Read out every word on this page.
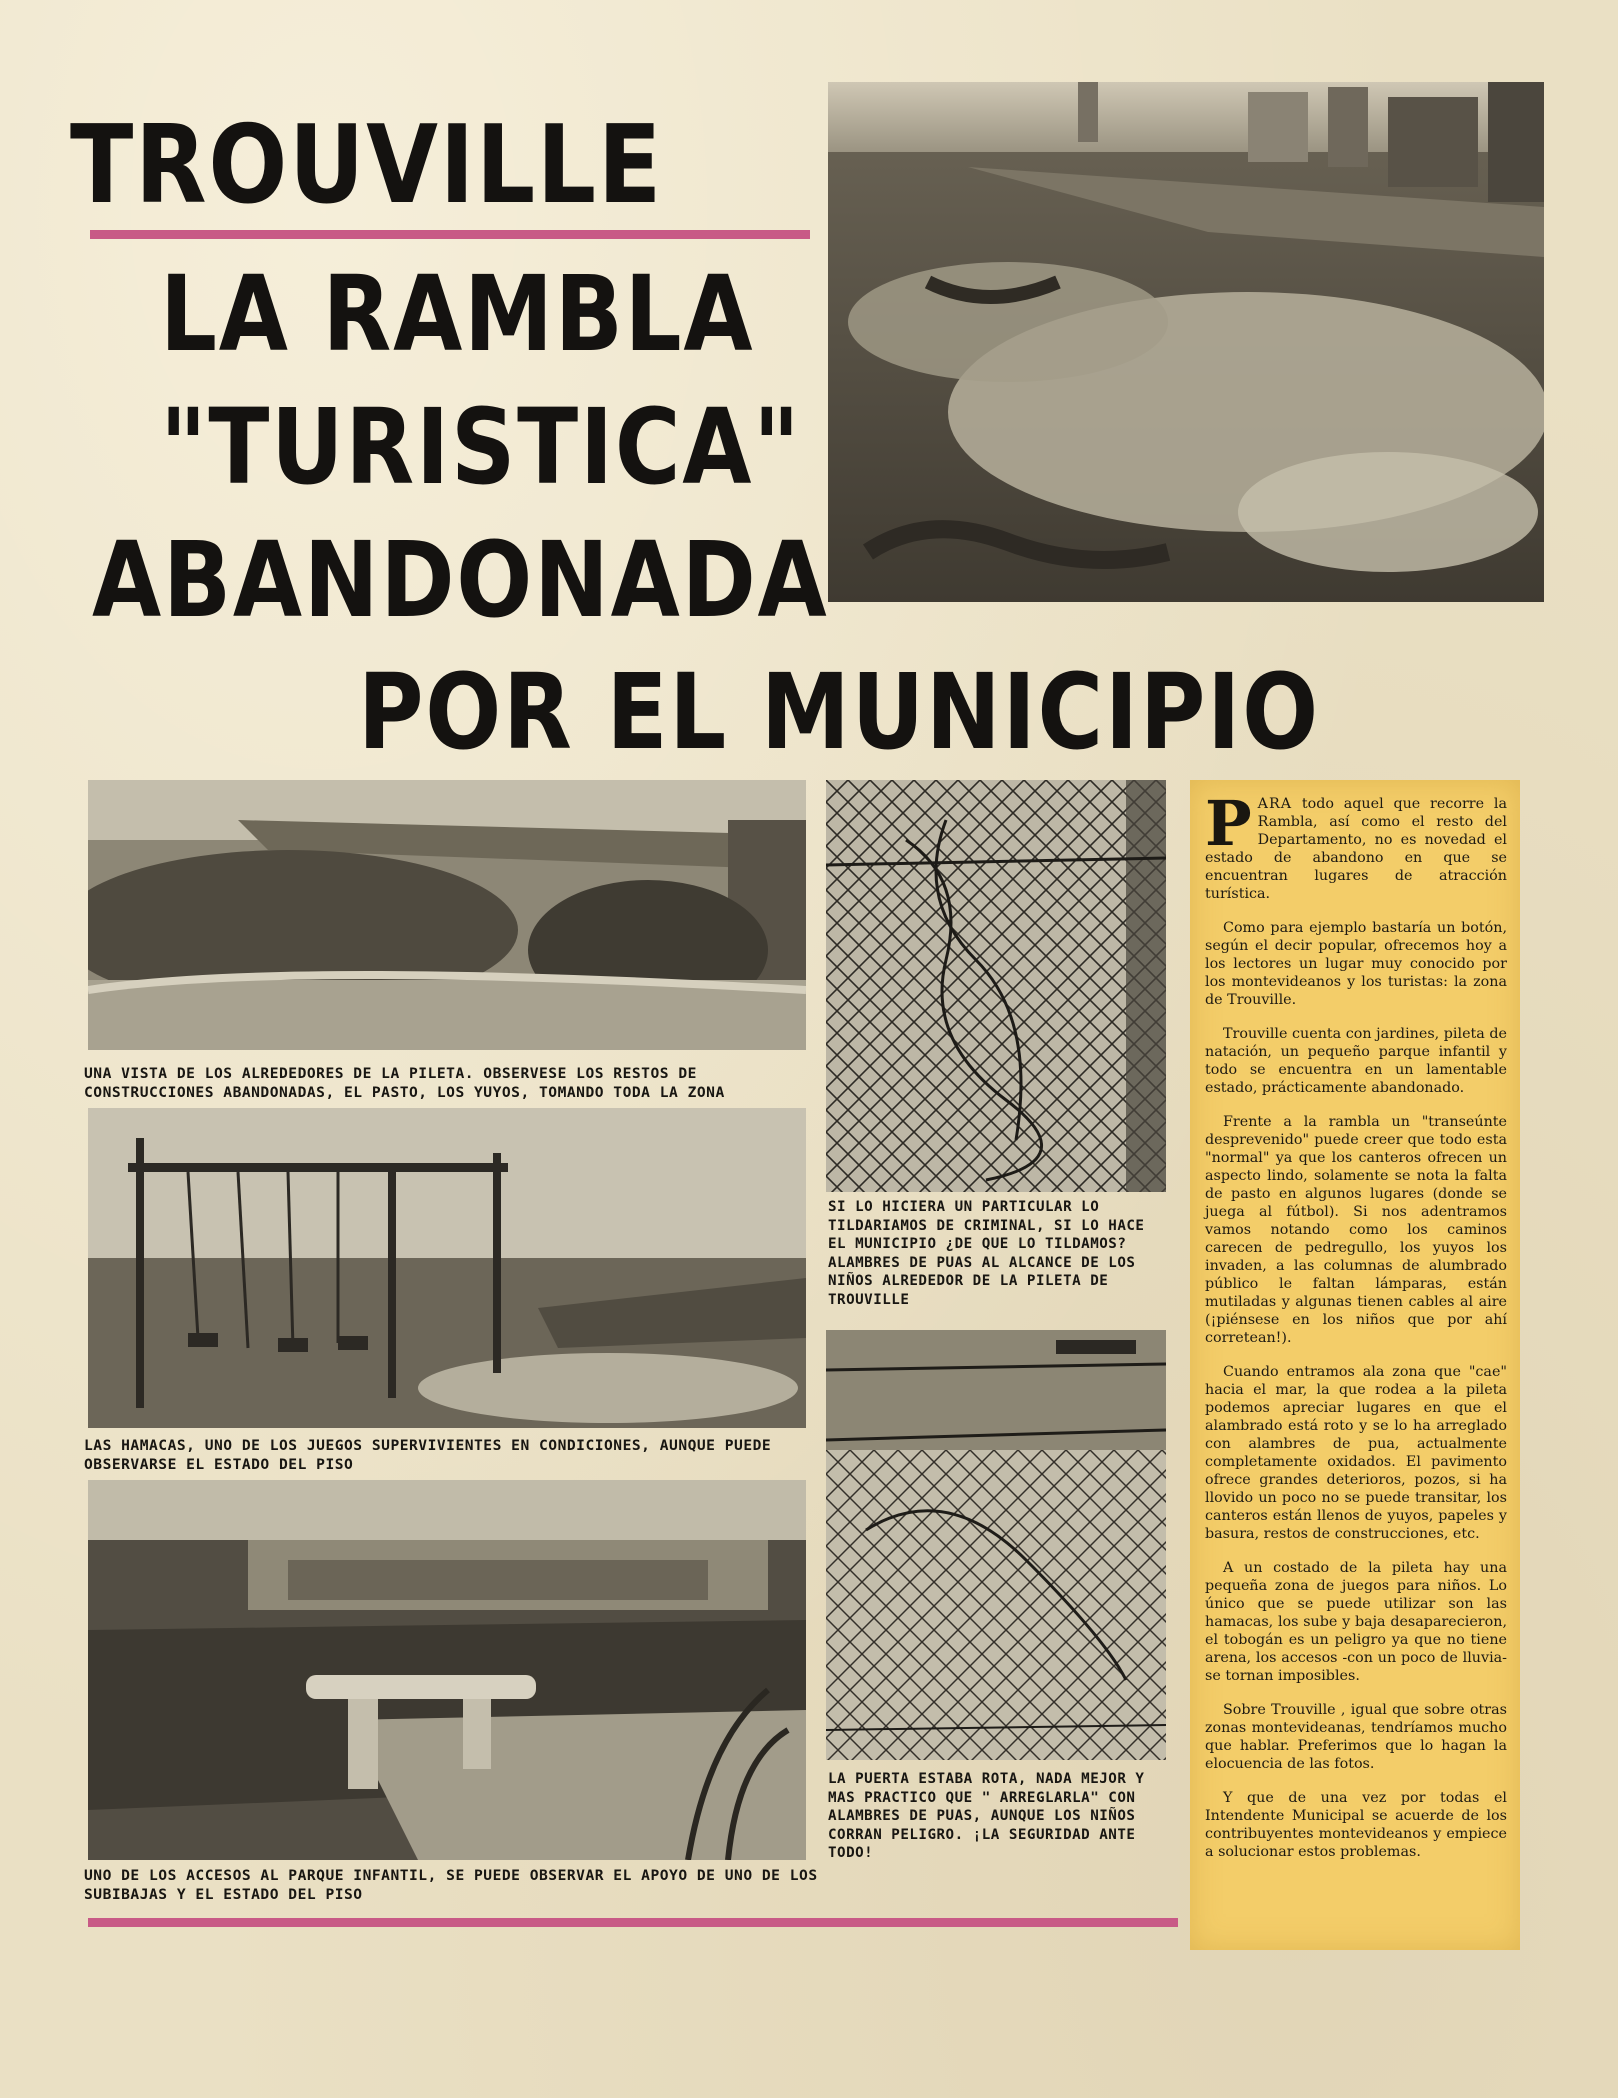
TROUVILLE
LA RAMBLA
"TURISTICA"
ABANDONADA
POR EL MUNICIPIO

UNA VISTA DE LOS ALREDEDORES DE LA PILETA. OBSERVESE LOS RESTOS DE CONSTRUCCIONES ABANDONADAS, EL PASTO, LOS YUYOS, TOMANDO TODA LA ZONA

LAS HAMACAS, UNO DE LOS JUEGOS SUPERVIVIENTES EN CONDICIONES, AUNQUE PUEDE OBSERVARSE EL ESTADO DEL PISO

UNO DE LOS ACCESOS AL PARQUE INFANTIL, SE PUEDE OBSERVAR EL APOYO DE UNO DE LOS SUBIBAJAS Y EL ESTADO DEL PISO

SI LO HICIERA UN PARTICULAR LO TILDARIAMOS DE CRIMINAL, SI LO HACE EL MUNICIPIO ¿DE QUE LO TILDAMOS? ALAMBRES DE PUAS AL ALCANCE DE LOS NIÑOS ALREDEDOR DE LA PILETA DE TROUVILLE

LA PUERTA ESTABA ROTA, NADA MEJOR Y MAS PRACTICO QUE " ARREGLARLA" CON ALAMBRES DE PUAS, AUNQUE LOS NIÑOS CORRAN PELIGRO. ¡LA SEGURIDAD ANTE TODO!

PARA todo aquel que recorre la Rambla, así como el resto del Departamento, no es novedad el estado de abandono en que se encuentran lugares de atracción turística.

Como para ejemplo bastaría un botón, según el decir popular, ofrecemos hoy a los lectores un lugar muy conocido por los montevideanos y los turistas: la zona de Trouville.

Trouville cuenta con jardines, pileta de natación, un pequeño parque infantil y todo se encuentra en un lamentable estado, prácticamente abandonado.

Frente a la rambla un "transeúnte desprevenido" puede creer que todo esta "normal" ya que los canteros ofrecen un aspecto lindo, solamente se nota la falta de pasto en algunos lugares (donde se juega al fútbol). Si nos adentramos vamos notando como los caminos carecen de pedregullo, los yuyos los invaden, a las columnas de alumbrado público le faltan lámparas, están mutiladas y algunas tienen cables al aire (¡piénsese en los niños que por ahí corretean!).

Cuando entramos ala zona que "cae" hacia el mar, la que rodea a la pileta podemos apreciar lugares en que el alambrado está roto y se lo ha arreglado con alambres de pua, actualmente completamente oxidados. El pavimento ofrece grandes deterioros, pozos, si ha llovido un poco no se puede transitar, los canteros están llenos de yuyos, papeles y basura, restos de construcciones, etc.

A un costado de la pileta hay una pequeña zona de juegos para niños. Lo único que se puede utilizar son las hamacas, los sube y baja desaparecieron, el tobogán es un peligro ya que no tiene arena, los accesos -con un poco de lluvia- se tornan imposibles.

Sobre Trouville , igual que sobre otras zonas montevideanas, tendríamos mucho que hablar. Preferimos que lo hagan la elocuencia de las fotos.

Y que de una vez por todas el Intendente Municipal se acuerde de los contribuyentes montevideanos y empiece a solucionar estos problemas.
